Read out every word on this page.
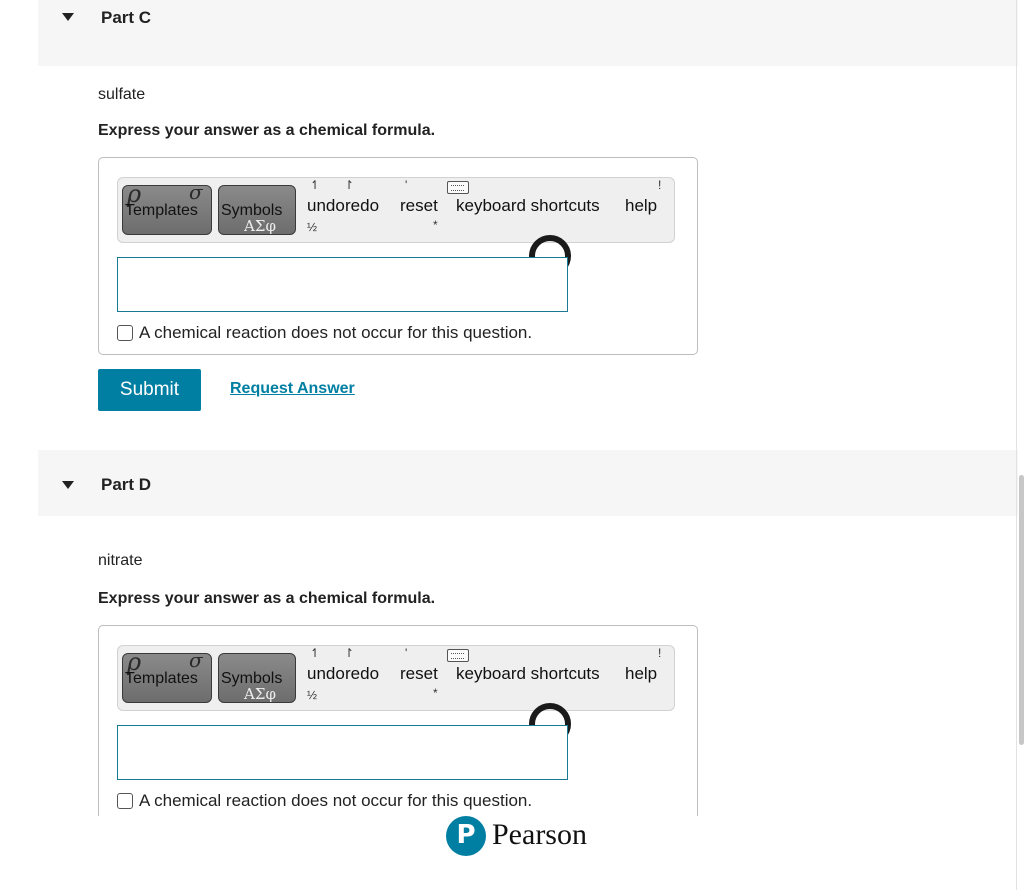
Part C
sulfate
Express your answer as a chemical formula.
ρ σ
Templates Symbols
ΑΣφ
↿
½
undo
↾
redo
'
reset
*
keyboard shortcuts
!
help
A chemical reaction does not occur for this question.
Submit	Request Answer
Part D
nitrate
Express your answer as a chemical formula.
ρ σ
Templates Symbols
ΑΣφ
↿
½
undo
↾
redo
'
reset
*
keyboard shortcuts
!
help
A chemical reaction does not occur for this question.
P Pearson
